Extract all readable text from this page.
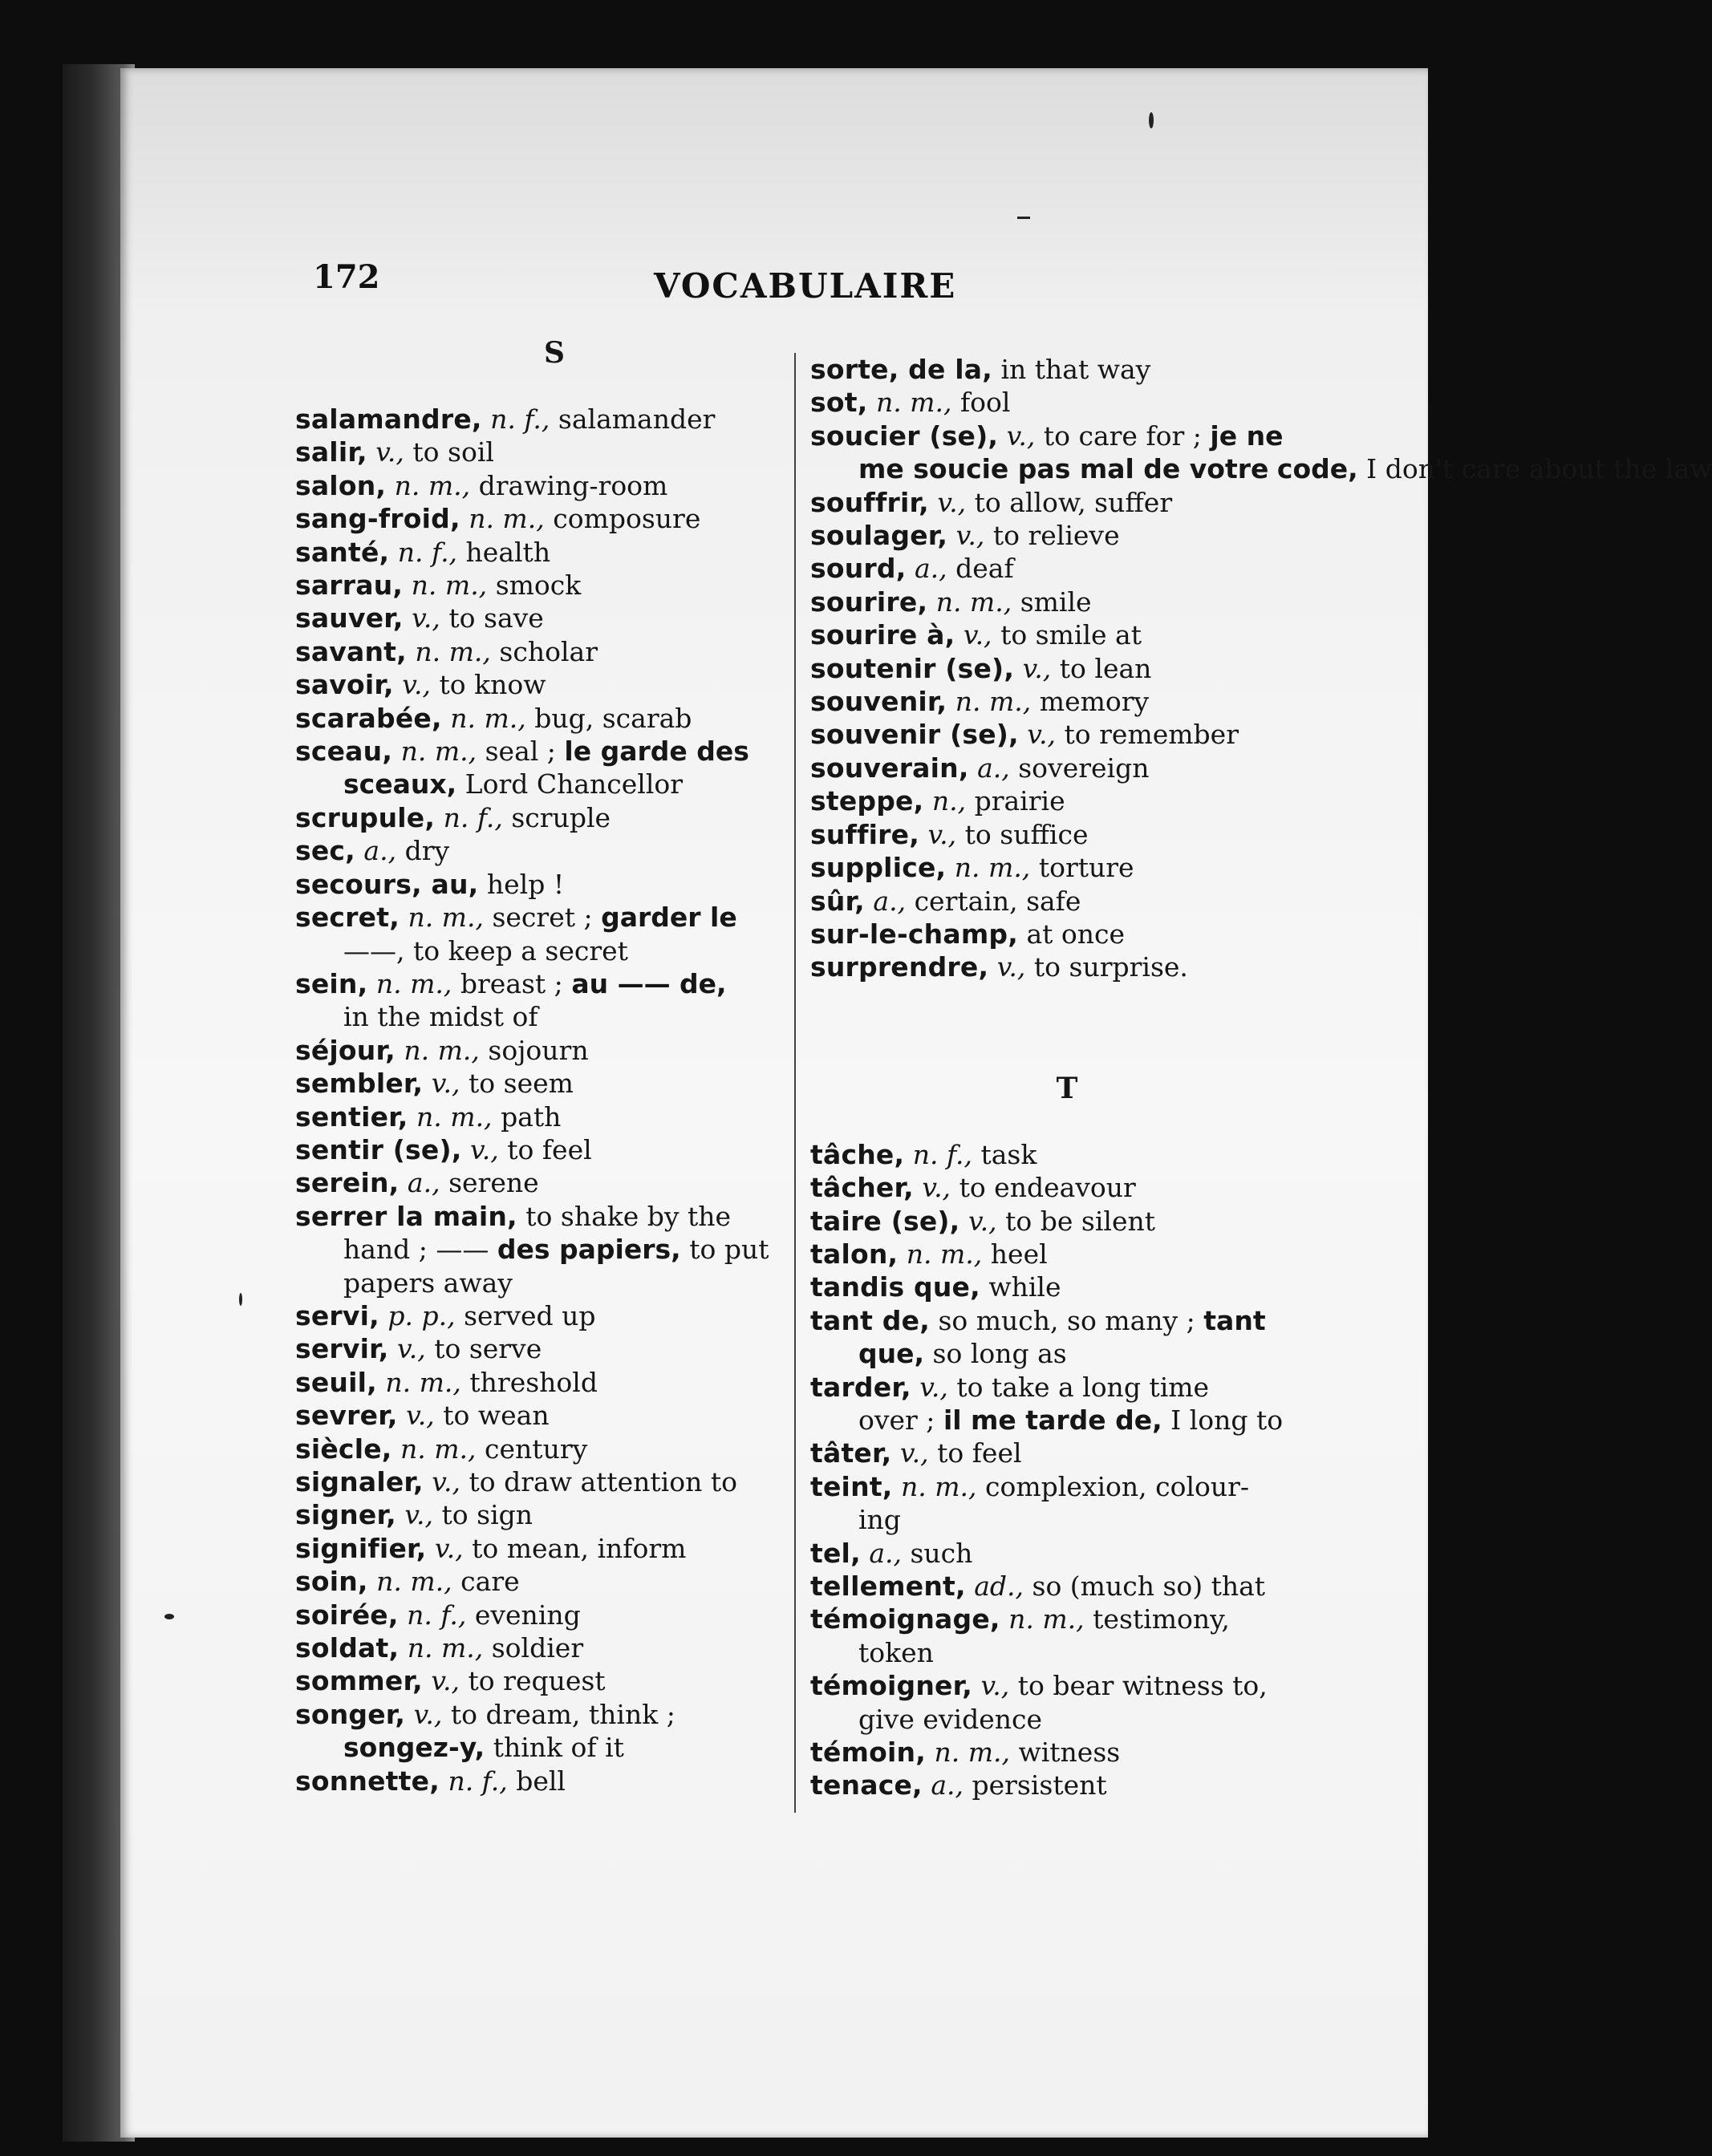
172	VOCABULAIRE
S
salamandre, n. f., salamander
salir, v., to soil
salon, n. m., drawing-room
sang-froid, n. m., composure
santé, n. f., health
sarrau, n. m., smock
sauver, v., to save
savant, n. m., scholar
savoir, v., to know
scarabée, n. m., bug, scarab
sceau, n. m., seal ; le garde des
sceaux, Lord Chancellor
scrupule, n. f., scruple
sec, a., dry
secours, au, help !
secret, n. m., secret ; garder le
——, to keep a secret
sein, n. m., breast ; au —— de,
in the midst of
séjour, n. m., sojourn
sembler, v., to seem
sentier, n. m., path
sentir (se), v., to feel
serein, a., serene
serrer la main, to shake by the
hand ; —— des papiers, to put
papers away
servi, p. p., served up
servir, v., to serve
seuil, n. m., threshold
sevrer, v., to wean
siècle, n. m., century
signaler, v., to draw attention to
signer, v., to sign
signifier, v., to mean, inform
soin, n. m., care
soirée, n. f., evening
soldat, n. m., soldier
sommer, v., to request
songer, v., to dream, think ;
songez-y, think of it
sonnette, n. f., bell
sorte, de la, in that way
sot, n. m., fool
soucier (se), v., to care for ; je ne
me soucie pas mal de votre code, I don't care about the law
souffrir, v., to allow, suffer
soulager, v., to relieve
sourd, a., deaf
sourire, n. m., smile
sourire à, v., to smile at
soutenir (se), v., to lean
souvenir, n. m., memory
souvenir (se), v., to remember
souverain, a., sovereign
steppe, n., prairie
suffire, v., to suffice
supplice, n. m., torture
sûr, a., certain, safe
sur-le-champ, at once
surprendre, v., to surprise.
T
tâche, n. f., task
tâcher, v., to endeavour
taire (se), v., to be silent
talon, n. m., heel
tandis que, while
tant de, so much, so many ; tant
que, so long as
tarder, v., to take a long time
over ; il me tarde de, I long to
tâter, v., to feel
teint, n. m., complexion, colour-
ing
tel, a., such
tellement, ad., so (much so) that
témoignage, n. m., testimony,
token
témoigner, v., to bear witness to,
give evidence
témoin, n. m., witness
tenace, a., persistent
